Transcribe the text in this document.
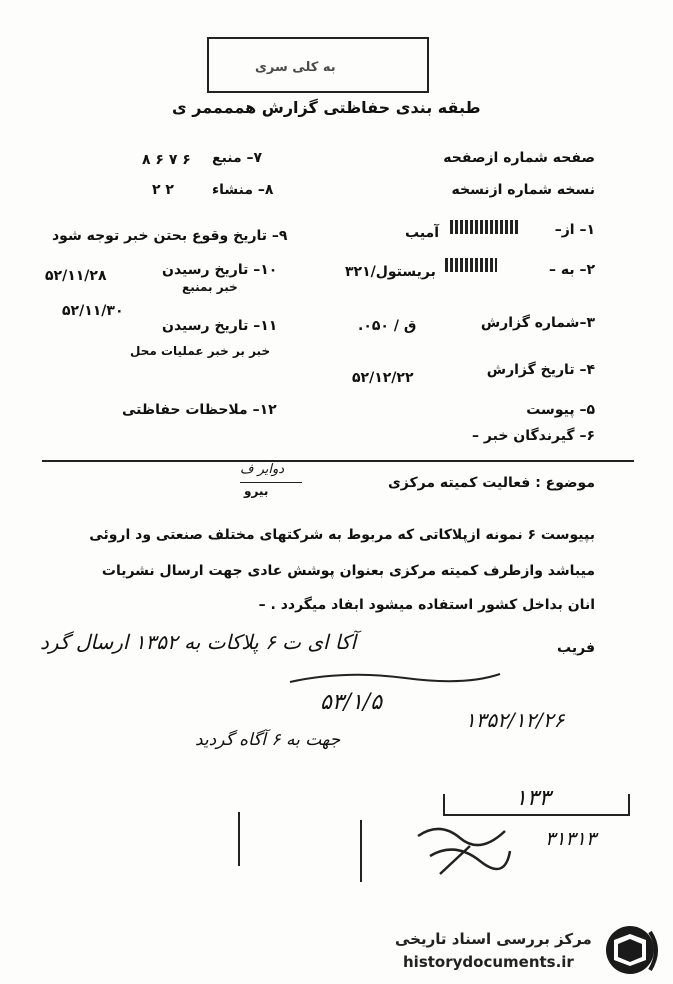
به کلی سری
طبقه بندی حفاظتی گزارش هممممر ی
صفحه شماره ازصفحه
نسخه شماره ازنسخه
۱– از–
آمیب
۲– به –
بریستول/۳۲۱
۳–شماره گزارش
ق / ۰۵۰.
۴– تاریخ گزارش
۵۲/۱۲/۲۲
۵– پیوست
۶– گیرندگان خبر –
۷– منبع
۸ ۶ ۷ ۶
۸– منشاء
۲ ۲
۹– تاریخ وقوع بحتن خبر توجه شود
۱۰– تاریخ رسیدن
خبر بمنبع
۵۲/۱۱/۲۸
۵۲/۱۱/۳۰
۱۱– تاریخ رسیدن
خبر بر خبر عملیات محل
۱۲– ملاحظات حفاظتی
موضوع : فعالیت کمیته مرکزی
دوایر ف
بیرو
بپیوست ۶ نمونه ازپلاکاتی که مربوط به شرکتهای مختلف صنعتی ود اروئی
میباشد وازطرف کمیته مرکزی بعنوان پوشش عادی جهت ارسال نشریات
انان بداخل کشور استفاده میشود ابفاد میگردد . –
فریب
آکا ای ت ۶ پلاکات به ۱۳۵۲ ارسال گرد
۵۳/۱/۵
۱۳۵۲/۱۲/۲۶
جهت به ۶ آگاه گردید
۱۳۳
۳۱۳۱۳
مرکز بررسی اسناد تاریخی
historydocuments.ir
